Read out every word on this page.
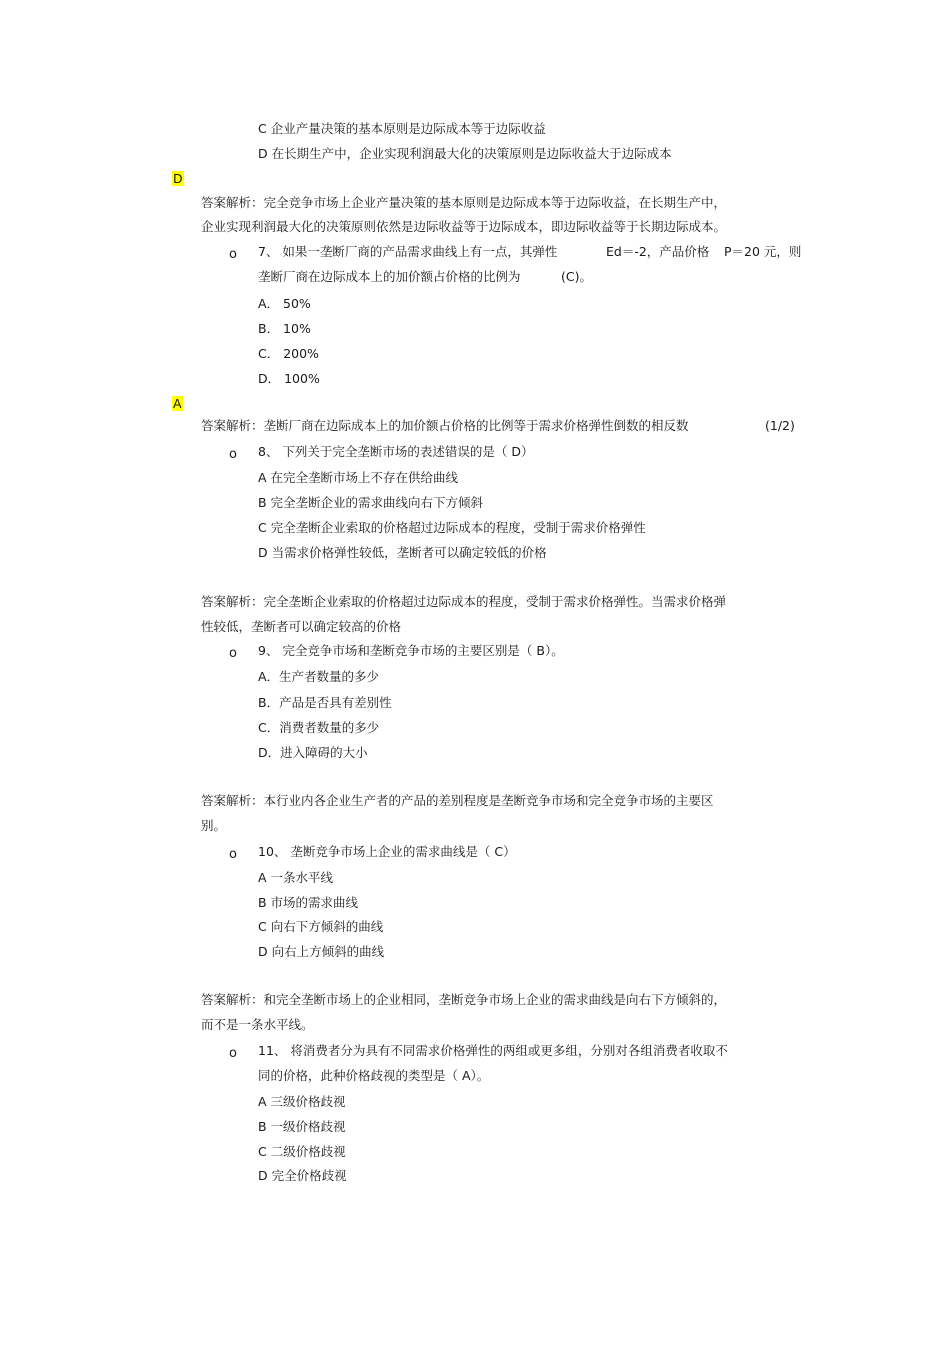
C 企业产量决策的基本原则是边际成本等于边际收益
D 在长期生产中，企业实现利润最大化的决策原则是边际收益大于边际成本
D
答案解析：完全竞争市场上企业产量决策的基本原则是边际成本等于边际收益，在长期生产中，
企业实现利润最大化的决策原则依然是边际收益等于边际成本，即边际收益等于长期边际成本。
o 7、 如果一垄断厂商的产品需求曲线上有一点，其弹性	Ed＝-2，产品价格 P＝20 元，则
垄断厂商在边际成本上的加价额占价格的比例为	(C)。
A． 50%
B． 10%
C． 200%
D． 100%
A
答案解析：垄断厂商在边际成本上的加价额占价格的比例等于需求价格弹性倒数的相反数	(1/2)
o 8、 下列关于完全垄断市场的表述错误的是（ D）
A 在完全垄断市场上不存在供给曲线
B 完全垄断企业的需求曲线向右下方倾斜
C 完全垄断企业索取的价格超过边际成本的程度，受制于需求价格弹性
D 当需求价格弹性较低，垄断者可以确定较低的价格
答案解析：完全垄断企业索取的价格超过边际成本的程度，受制于需求价格弹性。当需求价格弹
性较低，垄断者可以确定较高的价格
o 9、 完全竞争市场和垄断竞争市场的主要区别是（ B）。
A．生产者数量的多少
B．产品是否具有差别性
C．消费者数量的多少
D．进入障碍的大小
答案解析：本行业内各企业生产者的产品的差别程度是垄断竞争市场和完全竞争市场的主要区
别。
o 10、 垄断竞争市场上企业的需求曲线是（ C）
A 一条水平线
B 市场的需求曲线
C 向右下方倾斜的曲线
D 向右上方倾斜的曲线
答案解析：和完全垄断市场上的企业相同，垄断竞争市场上企业的需求曲线是向右下方倾斜的，
而不是一条水平线。
o 11、 将消费者分为具有不同需求价格弹性的两组或更多组，分别对各组消费者收取不
同的价格，此种价格歧视的类型是（ A）。
A 三级价格歧视
B 一级价格歧视
C 二级价格歧视
D 完全价格歧视
